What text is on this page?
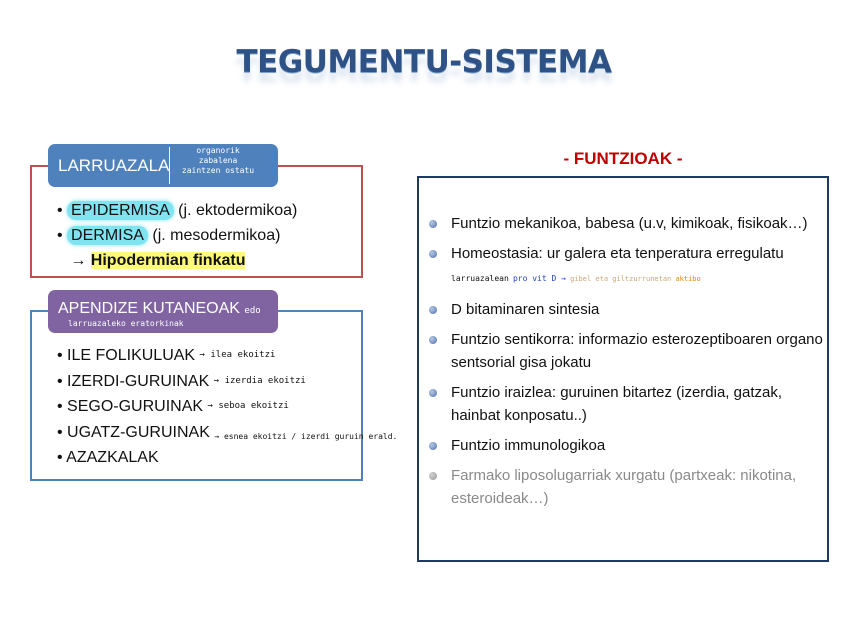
TEGUMENTU-SISTEMA
LARRUAZALA
organorik
zabalena
zaintzen ostatu
• EPIDERMISA (j. ektodermikoa)
• DERMISA (j. mesodermikoa)
→ Hipodermian finkatu
APENDIZE KUTANEOAK edo
larruazaleko eratorkinak
• ILE FOLIKULUAK → ilea ekoitzi
• IZERDI-GURUINAK → izerdia ekoitzi
• SEGO-GURUINAK → seboa ekoitzi
• UGATZ-GURUINAK → esnea ekoitzi / izerdi guruin erald.
• AZAZKALAK
- FUNTZIOAK -
Funtzio mekanikoa, babesa (u.v, kimikoak, fisikoak…)
Homeostasia: ur galera eta tenperatura erregulatu larruazalean pro vit D → gibel eta giltzurrunetan aktibo
D bitaminaren sintesia
Funtzio sentikorra: informazio esterozeptiboaren organo sentsorial gisa jokatu
Funtzio iraizlea: guruinen bitartez (izerdia, gatzak, hainbat konposatu..)
Funtzio immunologikoa
Farmako liposolugarriak xurgatu (partxeak: nikotina, esteroideak…)
